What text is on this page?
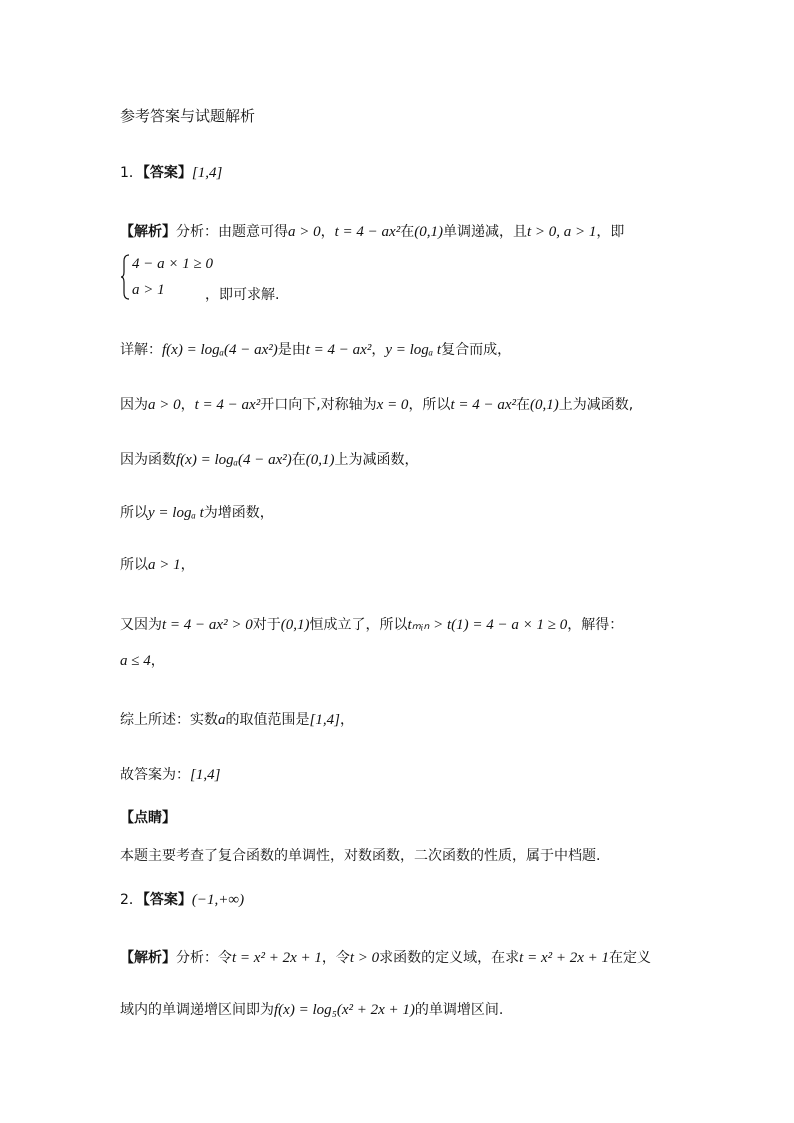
参考答案与试题解析
1．【答案】[1,4]
【解析】分析：由题意可得a > 0，t = 4 − ax²在(0,1)单调递减，且t > 0, a > 1，即
4 − a × 1 ≥ 0
a > 1	，即可求解.
详解：f(x) = logₐ(4 − ax²)是由t = 4 − ax²，y = logₐ t复合而成，
因为a > 0，t = 4 − ax²开口向下,对称轴为x = 0，所以t = 4 − ax²在(0,1)上为减函数,
因为函数f(x) = logₐ(4 − ax²)在(0,1)上为减函数，
所以y = logₐ t为增函数，
所以a > 1，
又因为t = 4 − ax² > 0对于(0,1)恒成立了，所以tₘᵢₙ > t(1) = 4 − a × 1 ≥ 0，解得：
a ≤ 4，
综上所述：实数a的取值范围是[1,4]，
故答案为：[1,4]
【点睛】
本题主要考查了复合函数的单调性，对数函数，二次函数的性质，属于中档题.
2．【答案】(−1,+∞)
【解析】分析：令t = x² + 2x + 1，令t > 0求函数的定义域，在求t = x² + 2x + 1在定义
域内的单调递增区间即为f(x) = log₅(x² + 2x + 1)的单调增区间.
